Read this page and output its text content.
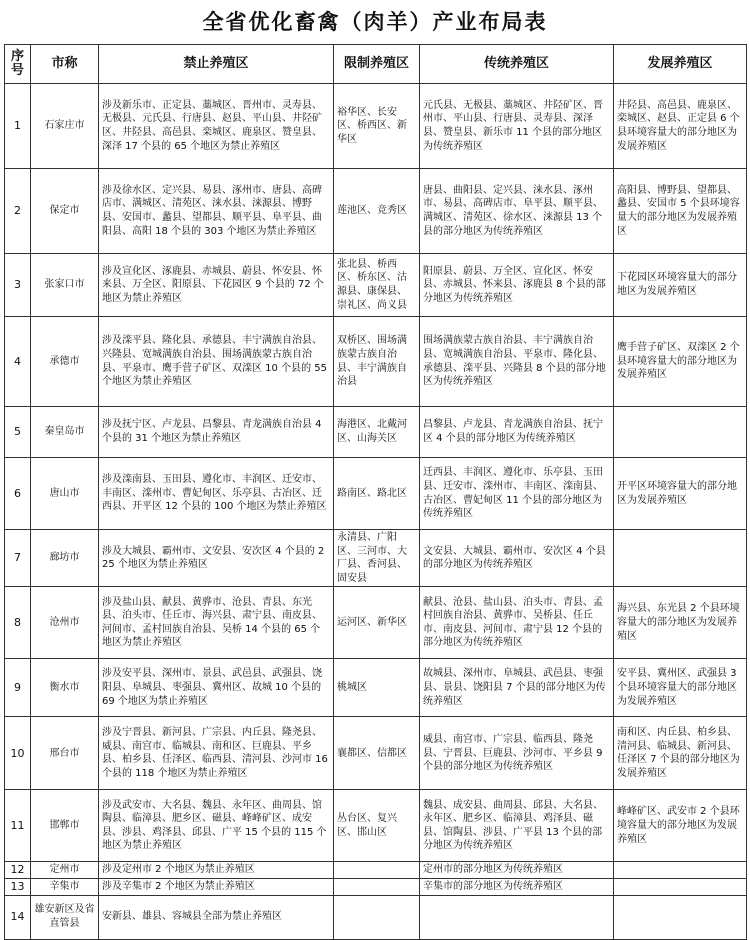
全省优化畜禽（肉羊）产业布局表
序号	市称	禁止养殖区	限制养殖区	传统养殖区	发展养殖区
1	石家庄市	涉及新乐市、正定县、藁城区、晋州市、灵寿县、无极县、元氏县、行唐县、赵县、平山县、井陉矿区、井陉县、高邑县、栾城区、鹿泉区、赞皇县、深泽 17 个县的 65 个地区为禁止养殖区	裕华区、长安区、桥西区、新华区	元氏县、无极县、藁城区、井陉矿区、晋州市、平山县、行唐县、灵寿县、深泽县、赞皇县、新乐市 11 个县的部分地区为传统养殖区	井陉县、高邑县、鹿泉区、栾城区、赵县、正定县 6 个县环境容量大的部分地区为发展养殖区
2	保定市	涉及徐水区、定兴县、易县、涿州市、唐县、高碑店市、满城区、清苑区、涞水县、涞源县、博野县、安国市、蠡县、望都县、顺平县、阜平县、曲阳县、高阳 18 个县的 303 个地区为禁止养殖区	莲池区、竞秀区	唐县、曲阳县、定兴县、涞水县、涿州市、易县、高碑店市、阜平县、顺平县、满城区、清苑区、徐水区、涞源县 13 个县的部分地区为传统养殖区	高阳县、博野县、望都县、蠡县、安国市 5 个县环境容量大的部分地区为发展养殖区
3	张家口市	涉及宣化区、涿鹿县、赤城县、蔚县、怀安县、怀来县、万全区、阳原县、下花园区 9 个县的 72 个地区为禁止养殖区	张北县、桥西区、桥东区、沽源县、康保县、崇礼区、尚义县	阳原县、蔚县、万全区、宣化区、怀安县、赤城县、怀来县、涿鹿县 8 个县的部分地区为传统养殖区	下花园区环境容量大的部分地区为发展养殖区
4	承德市	涉及滦平县、隆化县、承德县、丰宁满族自治县、兴隆县、宽城满族自治县、围场满族蒙古族自治县、平泉市、鹰手营子矿区、双滦区 10 个县的 55 个地区为禁止养殖区	双桥区、围场满族蒙古族自治县、丰宁满族自治县	围场满族蒙古族自治县、丰宁满族自治县、宽城满族自治县、平泉市、隆化县、承德县、滦平县、兴隆县 8 个县的部分地区为传统养殖区	鹰手营子矿区、双滦区 2 个县环境容量大的部分地区为发展养殖区
5	秦皇岛市	涉及抚宁区、卢龙县、昌黎县、青龙满族自治县 4 个县的 31 个地区为禁止养殖区	海港区、北戴河区、山海关区	昌黎县、卢龙县、青龙满族自治县、抚宁区 4 个县的部分地区为传统养殖区	
6	唐山市	涉及滦南县、玉田县、遵化市、丰润区、迁安市、丰南区、滦州市、曹妃甸区、乐亭县、古冶区、迁西县、开平区 12 个县的 100 个地区为禁止养殖区	路南区、路北区	迁西县、丰润区、遵化市、乐亭县、玉田县、迁安市、滦州市、丰南区、滦南县、古冶区、曹妃甸区 11 个县的部分地区为传统养殖区	开平区环境容量大的部分地区为发展养殖区
7	廊坊市	涉及大城县、霸州市、文安县、安次区 4 个县的 225 个地区为禁止养殖区	永清县、广阳区、三河市、大厂县、香河县、固安县	文安县、大城县、霸州市、安次区 4 个县的部分地区为传统养殖区	
8	沧州市	涉及盐山县、献县、黄骅市、沧县、青县、东光县、泊头市、任丘市、海兴县、肃宁县、南皮县、河间市、孟村回族自治县、吴桥 14 个县的 65 个地区为禁止养殖区	运河区、新华区	献县、沧县、盐山县、泊头市、青县、孟村回族自治县、黄骅市、吴桥县、任丘市、南皮县、河间市、肃宁县 12 个县的部分地区为传统养殖区	海兴县、东光县 2 个县环境容量大的部分地区为发展养殖区
9	衡水市	涉及安平县、深州市、景县、武邑县、武强县、饶阳县、阜城县、枣强县、冀州区、故城 10 个县的 69 个地区为禁止养殖区	桃城区	故城县、深州市、阜城县、武邑县、枣强县、景县、饶阳县 7 个县的部分地区为传统养殖区	安平县、冀州区、武强县 3 个县环境容量大的部分地区为发展养殖区
10	邢台市	涉及宁晋县、新河县、广宗县、内丘县、隆尧县、威县、南宫市、临城县、南和区、巨鹿县、平乡县、柏乡县、任泽区、临西县、清河县、沙河市 16 个县的 118 个地区为禁止养殖区	襄都区、信都区	威县、南宫市、广宗县、临西县、隆尧县、宁晋县、巨鹿县、沙河市、平乡县 9 个县的部分地区为传统养殖区	南和区、内丘县、柏乡县、清河县、临城县、新河县、任泽区 7 个县的部分地区为发展养殖区
11	邯郸市	涉及武安市、大名县、魏县、永年区、曲周县、馆陶县、临漳县、肥乡区、磁县、峰峰矿区、成安县、涉县、鸡泽县、邱县、广平 15 个县的 115 个地区为禁止养殖区	丛台区、复兴区、邯山区	魏县、成安县、曲周县、邱县、大名县、永年区、肥乡区、临漳县、鸡泽县、磁县、馆陶县、涉县、广平县 13 个县的部分地区为传统养殖区	峰峰矿区、武安市 2 个县环境容量大的部分地区为发展养殖区
12	定州市	涉及定州市 2 个地区为禁止养殖区		定州市的部分地区为传统养殖区	
13	辛集市	涉及辛集市 2 个地区为禁止养殖区		辛集市的部分地区为传统养殖区	
14	雄安新区及省直管县	安新县、雄县、容城县全部为禁止养殖区			
